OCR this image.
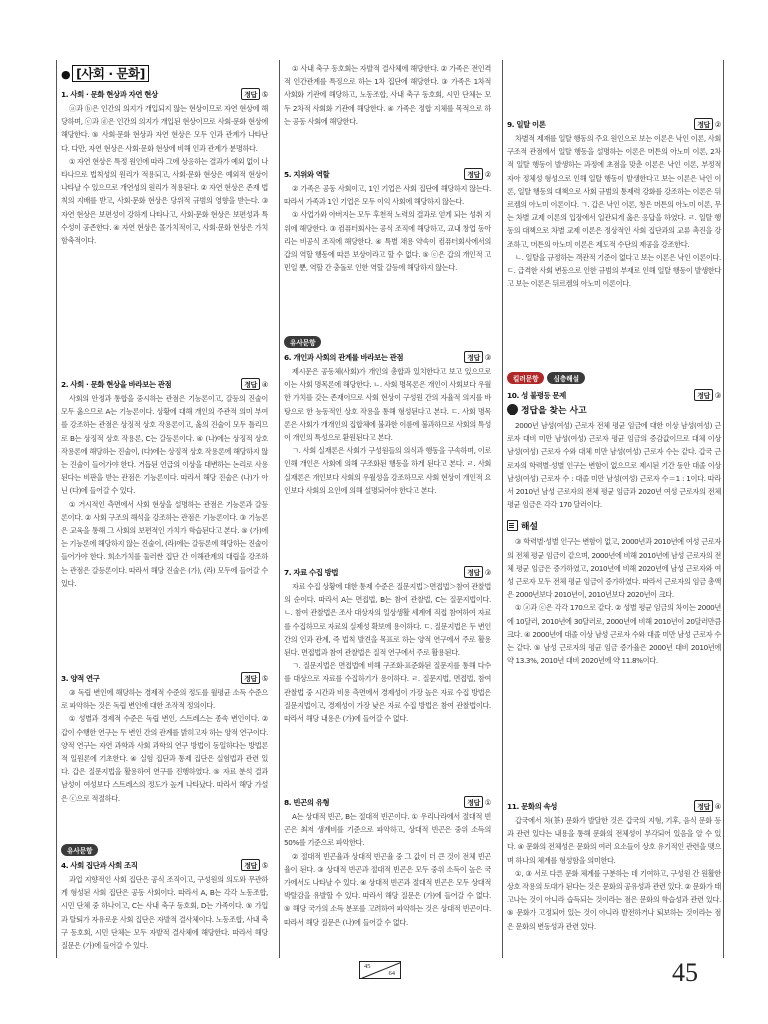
● [사회 · 문화]
1. 사회 · 문화 현상과 자연 현상	정답 ⑤

ⓐ과 ⓑ은 인간의 의지가 개입되지 않는 현상이므로 자연 현상에 해당하며, ⓒ과 ⓓ은 인간의 의지가 개입된 현상이므로 사회·문화 현상에 해당한다. ⑤ 사회·문화 현상과 자연 현상은 모두 인과 관계가 나타난다. 다만, 자연 현상은 사회·문화 현상에 비해 인과 관계가 분명하다.

① 자연 현상은 특정 원인에 따라 그에 상응하는 결과가 예외 없이 나타나므로 법칙성의 원리가 적용되고, 사회·문화 현상은 예외적 현상이 나타날 수 있으므로 개연성의 원리가 적용된다. ② 자연 현상은 존재 법칙의 지배를 받고, 사회·문화 현상은 당위적 규범의 영향을 받는다. ③ 자연 현상은 보편성이 강하게 나타나고, 사회·문화 현상은 보편성과 특수성이 공존한다. ④ 자연 현상은 몰가치적이고, 사회·문화 현상은 가치 함축적이다.

2. 사회 · 문화 현상을 바라보는 관점	정답 ④

사회의 안정과 통합을 중시하는 관점은 기능론이고, 갈등의 진술이 모두 옳으므로 A는 기능론이다. 상황에 대해 개인의 주관적 의미 부여를 강조하는 관점은 상징적 상호 작용론이고, 옳의 진술이 모두 틀리므로 B는 상징적 상호 작용론, C는 갈등론이다. ④ (나)에는 상징적 상호 작용론에 해당하는 진술이, (다)에는 상징적 상호 작용론에 해당하지 않는 진술이 들어가야 한다. 거듭된 언급의 이상을 대변하는 논리로 사용된다는 비판을 받는 관점은 기능론이다. 따라서 해당 진술은 (나)가 아닌 (다)에 들어갈 수 있다.

① 거시적인 측면에서 사회 현상을 설명하는 관점은 기능론과 갈등론이다. ② 사회 구조의 해석을 강조하는 관점은 기능론이다. ③ 기능론은 교육을 통해 그 사회의 보편적인 가치가 학습된다고 본다. ⑤ (가)에는 기능론에 해당하지 않는 진술이, (라)에는 갈등론에 해당하는 진술이 들어가야 한다. 희소가치를 둘러싼 집단 간 이해관계의 대립을 강조하는 관점은 갈등론이다. 따라서 해당 진술은 (가), (라) 모두에 들어갈 수 있다.

3. 양적 연구	정답 ⑤

③ 독립 변인에 해당하는 경제적 수준의 정도를 월평균 소득 수준으로 파악하는 것은 독립 변인에 대한 조작적 정의이다.

① 성별과 경제적 수준은 독립 변인, 스트레스는 종속 변인이다. ② 갑이 수행한 연구는 두 변인 간의 관계를 밝히고자 하는 양적 연구이다. 양적 연구는 자연 과학과 사회 과학의 연구 방법이 동일하다는 방법론적 일원론에 기초한다. ④ 실험 집단과 통제 집단은 실험법과 관련 있다. 갑은 질문지법을 활용하여 연구를 진행하였다. ⑤ 자료 분석 결과 남성이 여성보다 스트레스의 정도가 높게 나타났다. 따라서 해당 가설은 ⓒ으로 적절하다.

유사문항
4. 사회 집단과 사회 조직	정답 ⑤

과업 지향적인 사회 집단은 공식 조직이고, 구성원의 의도와 무관하게 형성된 사회 집단은 공동 사회이다. 따라서 A, B는 각각 노동조합, 시민 단체 중 하나이고, C는 사내 축구 동호회, D는 가족이다. ⑤ 가입과 탈퇴가 자유로운 사회 집단은 자발적 결사체이다. 노동조합, 사내 축구 동호회, 시민 단체는 모두 자발적 결사체에 해당한다. 따라서 해당 질문은 (가)에 들어갈 수 있다.

① 사내 축구 동호회는 자발적 결사체에 해당한다. ② 가족은 전인격적 인간관계를 특징으로 하는 1차 집단에 해당한다. ③ 가족은 1차적 사회화 기관에 해당하고, 노동조합, 사내 축구 동호회, 시민 단체는 모두 2차적 사회화 기관에 해당한다. ④ 가족은 정합 지체를 목적으로 하는 공동 사회에 해당한다.

5. 지위와 역할	정답 ②

② 가족은 공동 사회이고, 1인 기업은 사회 집단에 해당하지 않는다. 따라서 가족과 1인 기업은 모두 이익 사회에 해당하지 않는다.

① 사업가와 아버지는 모두 후천적 노력의 결과로 얻게 되는 성취 지위에 해당한다. ③ 컴퓨터회사는 공식 조직에 해당하고, 교내 창업 동아리는 비공식 조직에 해당한다. ④ 특별 채용 약속이 컴퓨터회사에서의 갑의 역할 행동에 따른 보상이라고 할 수 없다. ⑤ ⓒ은 갑의 개인적 고민일 뿐, 역할 간 충돌로 인한 역할 갈등에 해당하지 않는다.

유사문항
6. 개인과 사회의 관계를 바라보는 관점	정답 ③

제시문은 공동체(사회)가 개인의 총합과 있치한다고 보고 있으므로 이는 사회 명목론에 해당한다. ㄴ. 사회 명목론은 개인이 사회보다 우월한 가치를 갖는 존재이므로 사회 현상이 구성원 간의 자율적 의지를 바탕으로 한 능동적인 상호 작용을 통해 형성된다고 본다. ㄷ. 사회 명목론은 사회가 개개인의 집합체에 불과한 이름에 불과하므로 사회의 특성이 개인의 특성으로 환원된다고 본다.

ㄱ. 사회 실재론은 사회가 구성원들의 의식과 행동을 구속하며, 이로 인해 개인은 사회에 의해 구조화된 행동을 하게 된다고 본다. ㄹ. 사회 실재론은 개인보다 사회의 우월성을 강조하므로 사회 현상이 개인적 요인보다 사회의 요인에 의해 설명되어야 한다고 본다.

7. 자료 수집 방법	정답 ③

자료 수집 상황에 대한 통제 수준은 질문지법＞면접법＞참여 관찰법의 순이다. 따라서 A는 면접법, B는 참여 관찰법, C는 질문지법이다. ㄴ. 참여 관찰법은 조사 대상자의 일상생활 세계에 직접 참여하여 자료를 수집하므로 자료의 실제성 확보에 용이하다. ㄷ. 질문지법은 두 변인 간의 인과 관계, 즉 법칙 발견을 목표로 하는 양적 연구에서 주로 활용된다. 면접법과 참여 관찰법은 질적 연구에서 주로 활용된다.

ㄱ. 질문지법은 면접법에 비해 구조화·표준화된 질문지를 통해 다수를 대상으로 자료를 수집하기가 용이하다. ㄹ. 질문지법, 면접법, 참여 관찰법 중 시간과 비용 측면에서 경제성이 가장 높은 자료 수집 방법은 질문지법이고, 경제성이 가장 낮은 자료 수집 방법은 참여 관찰법이다. 따라서 해당 내용은 (가)에 들어갈 수 없다.

8. 빈곤의 유형	정답 ①

A는 상대적 빈곤, B는 절대적 빈곤이다. ① 우리나라에서 절대적 빈곤은 최저 생계비를 기준으로 파악하고, 상대적 빈곤은 중위 소득의 50%를 기준으로 파악한다.

② 절대적 빈곤율과 상대적 빈곤율 중 그 값이 더 큰 것이 전체 빈곤율이 된다. ③ 상대적 빈곤과 절대적 빈곤은 모두 중위 소득이 높은 국가에서도 나타날 수 있다. ④ 상대적 빈곤과 절대적 빈곤은 모두 상대적 박탈감을 유발할 수 있다. 따라서 해당 질문은 (가)에 들어갈 수 없다. ⑤ 해당 국가의 소득 분포를 고려하여 파악하는 것은 상대적 빈곤이다. 따라서 해당 질문은 (나)에 들어갈 수 없다.

9. 일탈 이론	정답 ②

차별적 제재를 일탈 행동의 주요 원인으로 보는 이론은 낙인 이론, 사회 구조적 관점에서 일탈 행동을 설명하는 이론은 머튼의 아노미 이론, 2차적 일탈 행동이 발생하는 과정에 초점을 맞춘 이론은 낙인 이론, 부정적 자아 정체성 형성으로 인해 일탈 행동이 발생한다고 보는 이론은 낙인 이론, 일탈 행동의 대책으로 사회 규범의 통제력 강화를 강조하는 이론은 뒤르켐의 아노미 이론이다. ㄱ. 갑은 낙인 이론, 청은 머튼의 아노미 이론, 무는 차별 교제 이론의 입장에서 일관되게 옳은 응답을 하였다. ㄹ. 일탈 행동의 대책으로 차별 교제 이론은 정상적인 사회 집단과의 교류 촉진을 강조하고, 머튼의 아노미 이론은 제도적 수단의 제공을 강조한다.

ㄴ. 일탈을 규정하는 객관적 기준이 없다고 보는 이론은 낙인 이론이다. ㄷ. 급격한 사회 변동으로 인한 규범의 부재로 인해 일탈 행동이 발생한다고 보는 이론은 뒤르켐의 아노미 이론이다.

킬러문항	심층해설
10. 성 불평등 문제	정답 ③
정답을 찾는 사고

2000년 남성(여성) 근로자 전체 평균 임금에 대한 이상 남성(여성) 근로자 대비 미만 남성(여성) 근로자 평균 임금의 증감값이므로 대체 이상 남성(여성) 근로자 수와 대체 미만 남성(여성) 근로자 수는 같다. 갑국 근로자의 학력별·성별 인구는 변함이 없으므로 제시된 기간 동안 대졸 이상 남성(여성) 근로자 수 : 대졸 미만 남성(여성) 근로자 수＝1 : 1이다. 따라서 2010년 남성 근로자의 전체 평균 임금과 2020년 여성 근로자의 전체 평균 임금은 각각 170 달러이다.

해설

③ 학력별·성별 인구는 변함이 없고, 2000년과 2010년에 여성 근로자의 전체 평균 임금이 같으며, 2000년에 비해 2010년에 남성 근로자의 전체 평균 임금은 증가하였고, 2010년에 비해 2020년에 남성 근로자와 여성 근로자 모두 전체 평균 임금이 증가하였다. 따라서 근로자의 임금 총액은 2000년보다 2010년이, 2010년보다 2020년이 크다.

① ⓐ과 ⓒ은 각각 170으로 같다. ② 성별 평균 임금의 차이는 2000년에 10달러, 2010년에 30달러로, 2000년에 비해 2010년이 20달러만큼 크다. ④ 2000년에 대졸 이상 남성 근로자 수와 대졸 미만 남성 근로자 수는 같다. ⑤ 남성 근로자의 평균 임금 증가율은 2000년 대비 2010년에 약 13.3%, 2010년 대비 2020년에 약 11.8%이다.

11. 문화의 속성	정답 ④

갑국에서 차(茶) 문화가 발달한 것은 갑국의 지형, 기후, 음식 문화 등과 관련 있다는 내용을 통해 문화의 전체성이 부각되어 있음을 알 수 있다. ④ 문화의 전체성은 문화의 여러 요소들이 상호 유기적인 관련을 맺으며 하나의 체계를 형성함을 의미한다.

①, ③ 서로 다른 문화 체계를 구분하는 데 기여하고, 구성원 간 원활한 상호 작용의 토대가 된다는 것은 문화의 공유성과 관련 있다. ② 문화가 태고나는 것이 아니라 습득되는 것이라는 점은 문화의 학습성과 관련 있다. ⑤ 문화가 고정되어 있는 것이 아니라 발전하거나 퇴보하는 것이라는 점은 문화의 변동성과 관련 있다.

45
64	45
